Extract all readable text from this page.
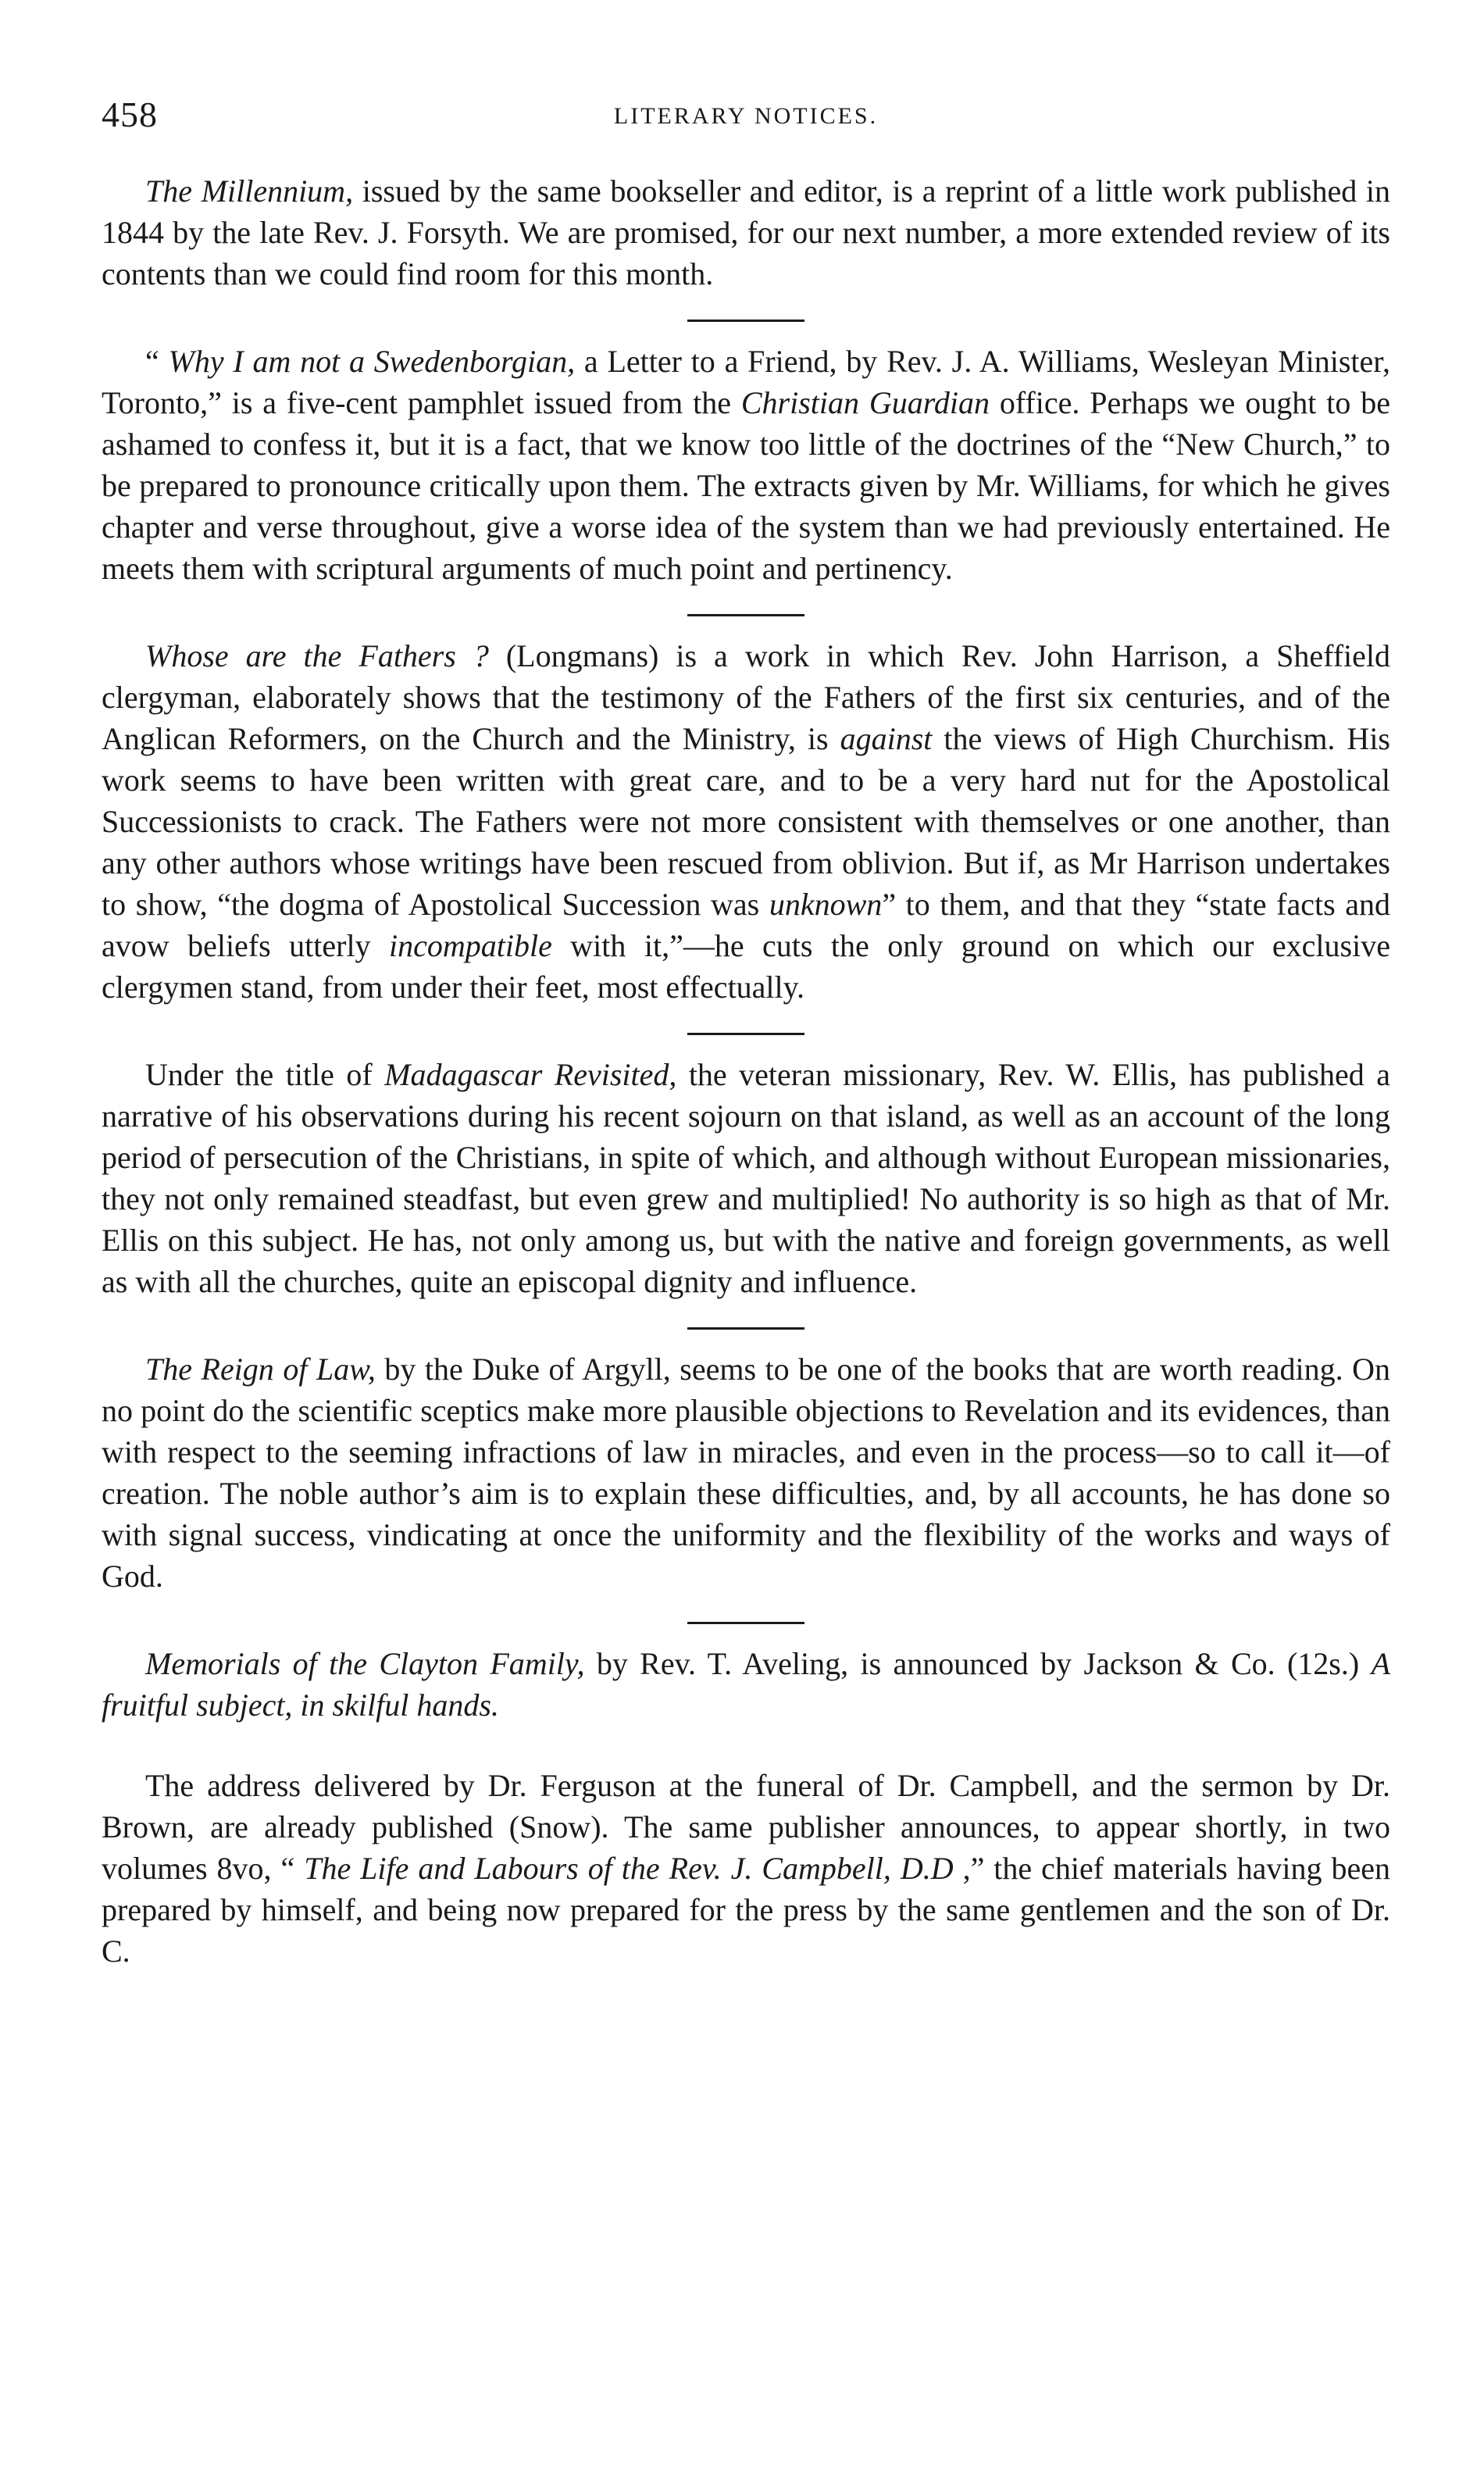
458	LITERARY NOTICES.

The Millennium, issued by the same bookseller and editor, is a reprint of a little work published in 1844 by the late Rev. J. Forsyth. We are promised, for our next number, a more extended review of its contents than we could find room for this month.

“ Why I am not a Swedenborgian, a Letter to a Friend, by Rev. J. A. Williams, Wesleyan Minister, Toronto,” is a five-cent pamphlet issued from the Christian Guardian office. Perhaps we ought to be ashamed to confess it, but it is a fact, that we know too little of the doctrines of the “New Church,” to be prepared to pronounce critically upon them. The extracts given by Mr. Williams, for which he gives chapter and verse throughout, give a worse idea of the system than we had previously entertained. He meets them with scriptural arguments of much point and pertinency.

Whose are the Fathers ? (Longmans) is a work in which Rev. John Harrison, a Sheffield clergyman, elaborately shows that the testimony of the Fathers of the first six centuries, and of the Anglican Reformers, on the Church and the Ministry, is against the views of High Churchism. His work seems to have been written with great care, and to be a very hard nut for the Apostolical Successionists to crack. The Fathers were not more consistent with themselves or one another, than any other authors whose writings have been rescued from oblivion. But if, as Mr Harrison undertakes to show, “the dogma of Apostolical Succession was unknown” to them, and that they “state facts and avow beliefs utterly incompatible with it,”—he cuts the only ground on which our exclusive clergymen stand, from under their feet, most effectually.

Under the title of Madagascar Revisited, the veteran missionary, Rev. W. Ellis, has published a narrative of his observations during his recent sojourn on that island, as well as an account of the long period of persecution of the Christians, in spite of which, and although without European missionaries, they not only remained steadfast, but even grew and multiplied! No authority is so high as that of Mr. Ellis on this subject. He has, not only among us, but with the native and foreign governments, as well as with all the churches, quite an episcopal dignity and influence.

The Reign of Law, by the Duke of Argyll, seems to be one of the books that are worth reading. On no point do the scientific sceptics make more plausible objections to Revelation and its evidences, than with respect to the seeming infractions of law in miracles, and even in the process—so to call it—of creation. The noble author’s aim is to explain these difficulties, and, by all accounts, he has done so with signal success, vindicating at once the uniformity and the flexibility of the works and ways of God.

Memorials of the Clayton Family, by Rev. T. Aveling, is announced by Jackson & Co. (12s.) A fruitful subject, in skilful hands.

The address delivered by Dr. Ferguson at the funeral of Dr. Campbell, and the sermon by Dr. Brown, are already published (Snow). The same publisher announces, to appear shortly, in two volumes 8vo, “ The Life and Labours of the Rev. J. Campbell, D.D ,” the chief materials having been prepared by himself, and being now prepared for the press by the same gentlemen and the son of Dr. C.
